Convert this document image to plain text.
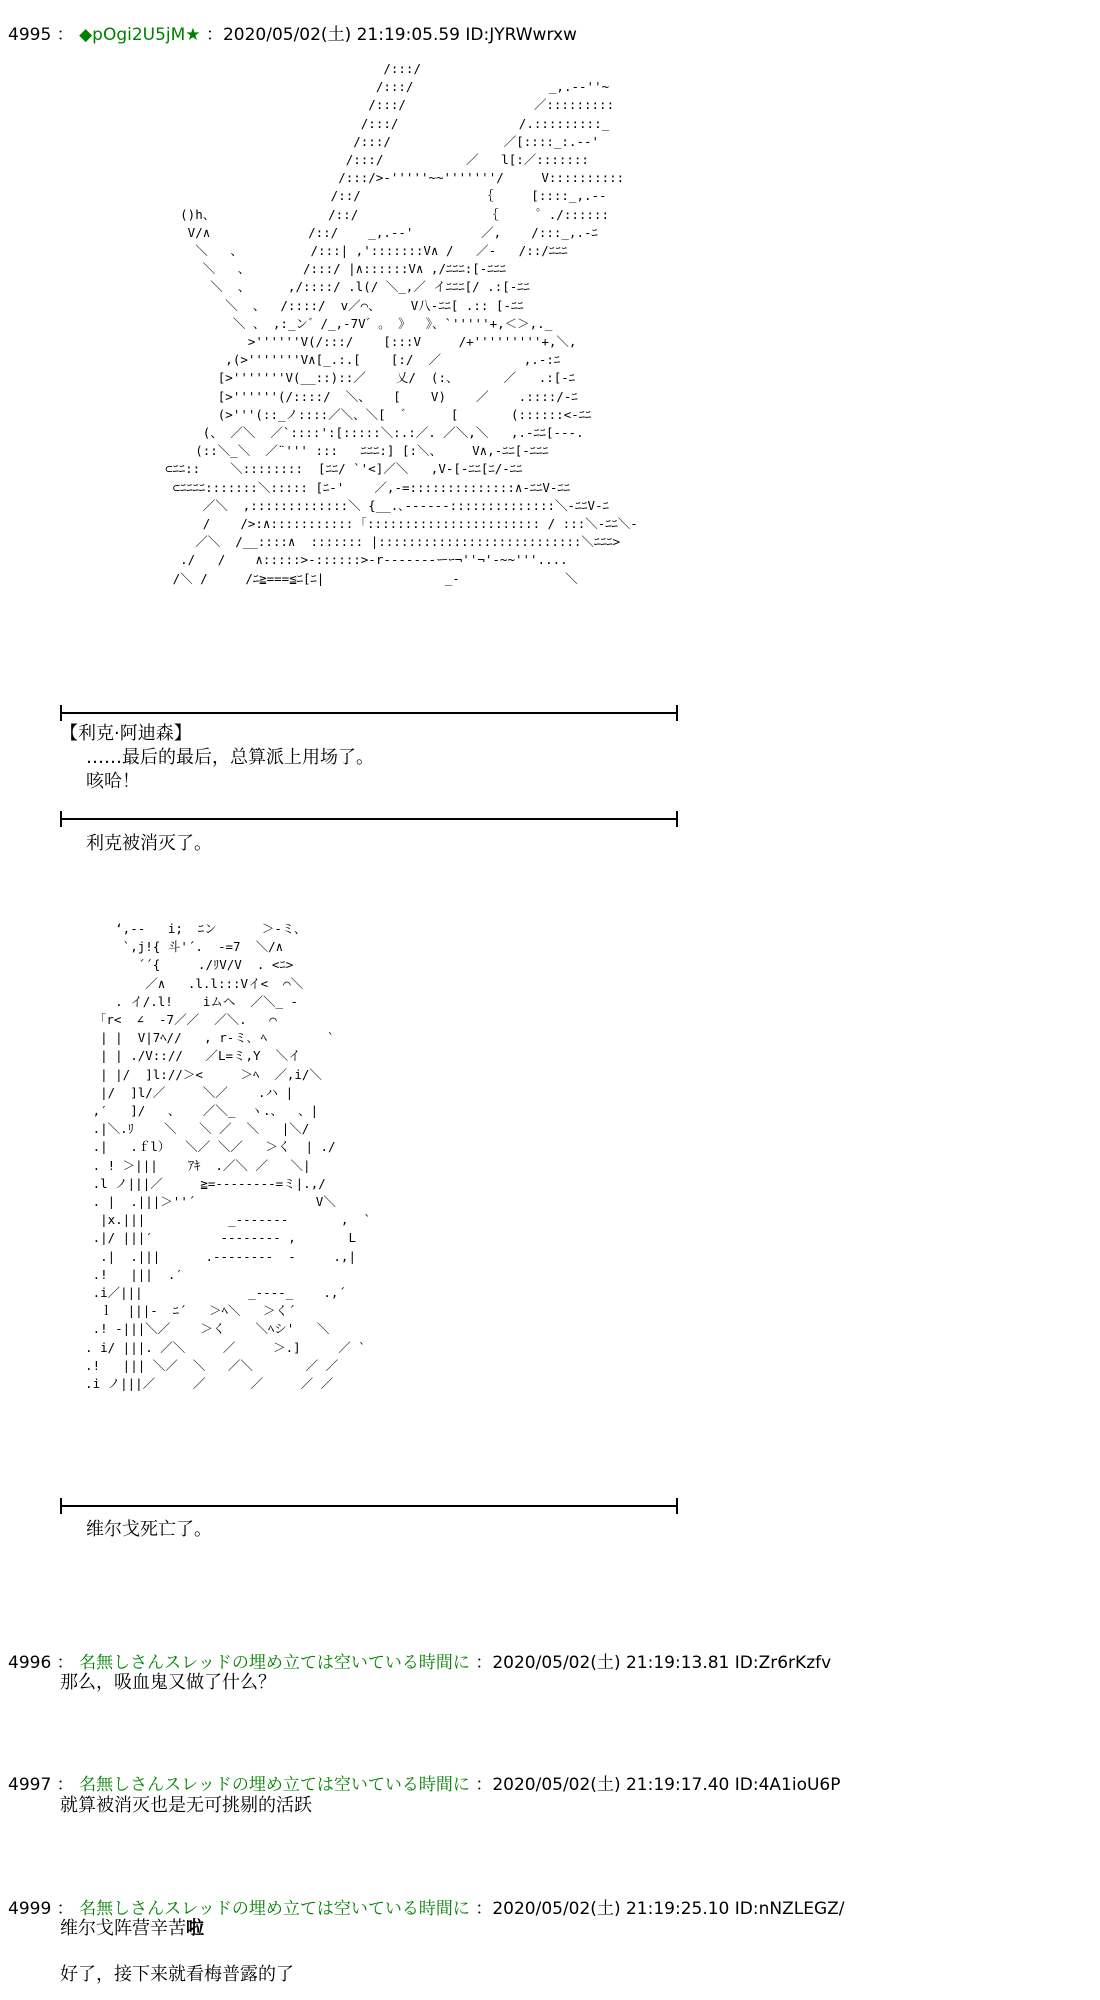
4995 ： ◆pOgi2U5jM★ ：2020/05/02(土) 21:19:05.59 ID:JYRWwrxw
/:::/
/:::/                  _,.-‐''~
/:::/                 ／:::::::::
/:::/                /.:::::::::_
/:::/               ／[::::_:.-‐'
/:::/           ／   l[:／:::::::
/:::/>‐'''''~~'''''''/     V::::::::::
/::/                ｛     [::::_,.-‐
()h、               /::/                 ｛     ゜./::::::
V/∧             /::/    _,.-‐'         ／,    /:::_,.-ﾆ
＼   、         /:::| ,':::::::V∧ /   ／‐   /::/ﾆﾆﾆ
＼   、       /:::/ |∧::::::V∧ ,/ﾆﾆﾆ:[-ﾆﾆﾆ
＼  、     ,/::::/ .l(/ ＼_,／ イﾆﾆﾆ[/ .:[-ﾆﾆ
＼  、  /::::/  v／⌒、    V八-ﾆﾆ[ .:: [-ﾆﾆ
＼ 、 ,:_ン゛/_,-7V゛。 》  》、`'''''+,＜＞,._
>''''''V(/:::/    [:::V     /+'''''''''+,＼,
,(>'''''''V∧[_.:.[    [:/  ／           ,.-:ﾆ
[>'''''''V(__::)::／    乂/  (:、      ／   .:[-ﾆ
[>''''''(/::::/  ＼、   [    V)    ／    .::::/-ﾆ
(>'''(::_ノ::::／＼、＼[  ゛     [       (::::::<-ﾆﾆ
(、 ／＼  ／`::::':[:::::＼:.:／. ／＼,＼   ,.-ﾆﾆ[-‐‐.
(::＼_＼  ／¨''' :::   ﾆﾆﾆ:] [:＼、    V∧,-ﾆﾆ[-ﾆﾆﾆ
⊂ﾆﾆ::    ＼::::::::  [ﾆﾆ/ `'<]／＼   ,V-[-ﾆﾆ[ﾆ/-ﾆﾆ
⊂ﾆﾆﾆﾆ:::::::＼::::: [ﾆ-'    ／,-=::::::::::::::∧-ﾆﾆV-ﾆﾆ
／＼  ,:::::::::::::＼ {__.､-‐‐‐‐‐::::::::::::::＼-ﾆﾆV-ﾆ
/    />:∧::::::::::: ｢::::::::::::::::::::::: / :::＼-ﾆﾆ＼-
／＼  /__::::∧  ::::::: |:::::::::::::::::::::::::::＼ﾆﾆﾆ>
./   /    ∧:::::>-::::::>‐r‐‐‐‐‐‐‐ーｰ¬''¬'‐~~'''....
/＼ /     /ﾆ≧===≦ﾆ[ﾆ|                _-              ＼
【利克·阿迪森】
……最后的最后，总算派上用场了。
咳哈！
利克被消灭了。
‘,-‐   i;  ﾆン      ＞-ミ、
`,j!{ 斗'´.  -=7  ＼/∧
´´{     ./ﾘV/V  . <ﾆ>
／∧   .l.l:::Vイ<  ⌒＼
. イ/.l!    iムヘ  ／＼_ -
｢r<  ∠  -7／／  ／＼.   ⌒
| |  V|7ﾍ//   , r-ミ､ ﾍ        `
| | ./V:://   ／L=ミ,Y  ＼イ
| |/  ]l://＞<     ＞ﾍ  ／,i/＼
|/  ]l/／     ＼／    .ハ |
,′   ]/   、   ／＼_  ヽ.、  、|
.|＼.ﾘ    ＼   ＼ ／  ＼   |＼/
.|   .ｆl）  ＼／ ＼／   ＞く  | ./
. ! ＞|||    ｱｷ  .／＼ ／   ＼|
.l ノ|||／     ≧=‐‐‐‐‐‐‐‐=ミ|.,/
. |  .|||＞''´                V＼
|x.|||           _‐‐‐‐‐‐-       ,  `
.|/ |||′         ‐‐‐‐‐‐‐‐ ,       L
.|  .|||      .-‐‐‐‐‐‐‐  -     .,|
.!   |||  .′
.i／|||              _‐‐‐‐_    .,´
ｌ  |||‐  ﾆ´   ＞ﾍ＼   ＞く´
.! ‐|||＼／    ＞く    ＼ﾍシ'   ＼
. i/ |||. ／＼     ／     ＞.]     ／ `
.!   ||| ＼／  ＼   ／＼       ／ ／
.i ノ|||／     ／      ／     ／ ／
维尔戈死亡了。
4996 ： 名無しさんスレッドの埋め立ては空いている時間に ：2020/05/02(土) 21:19:13.81 ID:Zr6rKzfv
那么，吸血鬼又做了什么？
4997 ： 名無しさんスレッドの埋め立ては空いている時間に ：2020/05/02(土) 21:19:17.40 ID:4A1ioU6P
就算被消灭也是无可挑剔的活跃
4999 ： 名無しさんスレッドの埋め立ては空いている時間に ：2020/05/02(土) 21:19:25.10 ID:nNZLEGZ/
维尔戈阵营辛苦啦
好了，接下来就看梅普露的了
